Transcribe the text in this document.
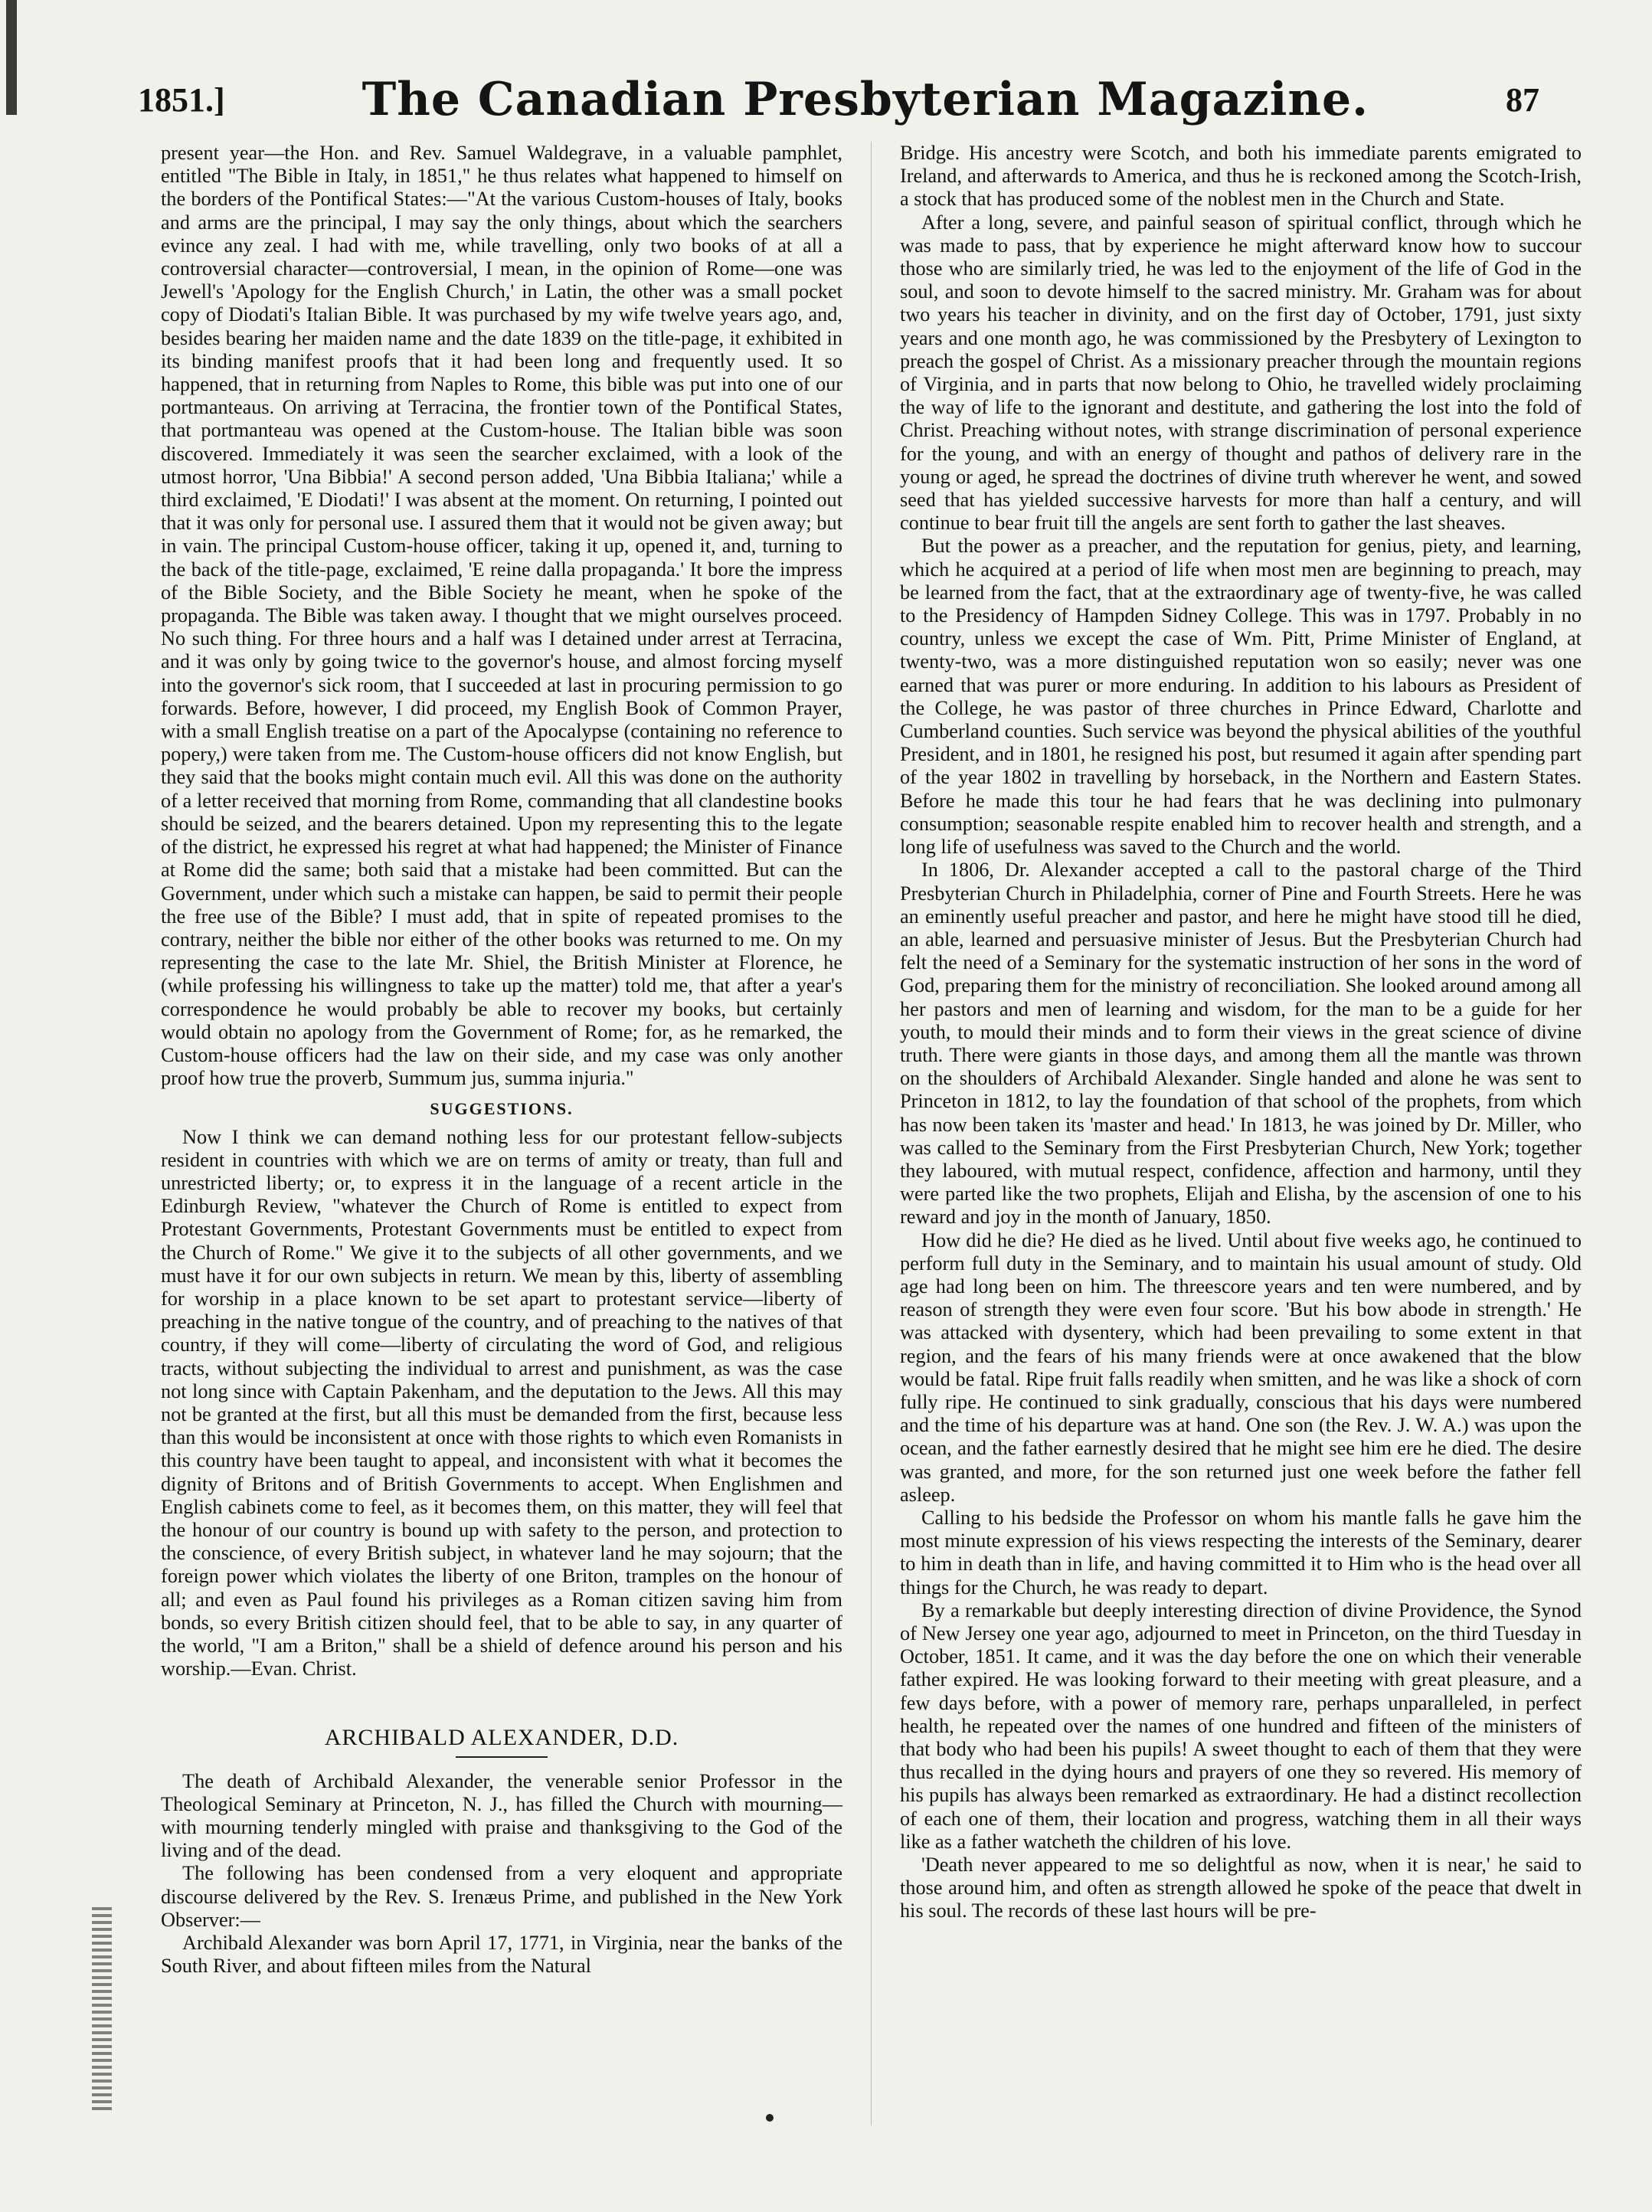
1851.]	The Canadian Presbyterian Magazine.	87

present year—the Hon. and Rev. Samuel Waldegrave, in a valuable pamphlet, entitled "The Bible in Italy, in 1851," he thus relates what happened to himself on the borders of the Pontifical States:—"At the various Custom-houses of Italy, books and arms are the principal, I may say the only things, about which the searchers evince any zeal. I had with me, while travelling, only two books of at all a controversial character—controversial, I mean, in the opinion of Rome—one was Jewell's 'Apology for the English Church,' in Latin, the other was a small pocket copy of Diodati's Italian Bible. It was purchased by my wife twelve years ago, and, besides bearing her maiden name and the date 1839 on the title-page, it exhibited in its binding manifest proofs that it had been long and frequently used. It so happened, that in returning from Naples to Rome, this bible was put into one of our portmanteaus. On arriving at Terracina, the frontier town of the Pontifical States, that portmanteau was opened at the Custom-house. The Italian bible was soon discovered. Immediately it was seen the searcher exclaimed, with a look of the utmost horror, 'Una Bibbia!' A second person added, 'Una Bibbia Italiana;' while a third exclaimed, 'E Diodati!' I was absent at the moment. On returning, I pointed out that it was only for personal use. I assured them that it would not be given away; but in vain. The principal Custom-house officer, taking it up, opened it, and, turning to the back of the title-page, exclaimed, 'E reine dalla propaganda.' It bore the impress of the Bible Society, and the Bible Society he meant, when he spoke of the propaganda. The Bible was taken away. I thought that we might ourselves proceed. No such thing. For three hours and a half was I detained under arrest at Terracina, and it was only by going twice to the governor's house, and almost forcing myself into the governor's sick room, that I succeeded at last in procuring permission to go forwards. Before, however, I did proceed, my English Book of Common Prayer, with a small English treatise on a part of the Apocalypse (containing no reference to popery,) were taken from me. The Custom-house officers did not know English, but they said that the books might contain much evil. All this was done on the authority of a letter received that morning from Rome, commanding that all clandestine books should be seized, and the bearers detained. Upon my representing this to the legate of the district, he expressed his regret at what had happened; the Minister of Finance at Rome did the same; both said that a mistake had been committed. But can the Government, under which such a mistake can happen, be said to permit their people the free use of the Bible? I must add, that in spite of repeated promises to the contrary, neither the bible nor either of the other books was returned to me. On my representing the case to the late Mr. Shiel, the British Minister at Florence, he (while professing his willingness to take up the matter) told me, that after a year's correspondence he would probably be able to recover my books, but certainly would obtain no apology from the Government of Rome; for, as he remarked, the Custom-house officers had the law on their side, and my case was only another proof how true the proverb, Summum jus, summa injuria."

SUGGESTIONS.

Now I think we can demand nothing less for our protestant fellow-subjects resident in countries with which we are on terms of amity or treaty, than full and unrestricted liberty; or, to express it in the language of a recent article in the Edinburgh Review, "whatever the Church of Rome is entitled to expect from Protestant Governments, Protestant Governments must be entitled to expect from the Church of Rome." We give it to the subjects of all other governments, and we must have it for our own subjects in return. We mean by this, liberty of assembling for worship in a place known to be set apart to protestant service—liberty of preaching in the native tongue of the country, and of preaching to the natives of that country, if they will come—liberty of circulating the word of God, and religious tracts, without subjecting the individual to arrest and punishment, as was the case not long since with Captain Pakenham, and the deputation to the Jews. All this may not be granted at the first, but all this must be demanded from the first, because less than this would be inconsistent at once with those rights to which even Romanists in this country have been taught to appeal, and inconsistent with what it becomes the dignity of Britons and of British Governments to accept. When Englishmen and English cabinets come to feel, as it becomes them, on this matter, they will feel that the honour of our country is bound up with safety to the person, and protection to the conscience, of every British subject, in whatever land he may sojourn; that the foreign power which violates the liberty of one Briton, tramples on the honour of all; and even as Paul found his privileges as a Roman citizen saving him from bonds, so every British citizen should feel, that to be able to say, in any quarter of the world, "I am a Briton," shall be a shield of defence around his person and his worship.—Evan. Christ.

ARCHIBALD ALEXANDER, D.D.

The death of Archibald Alexander, the venerable senior Professor in the Theological Seminary at Princeton, N. J., has filled the Church with mourning—with mourning tenderly mingled with praise and thanksgiving to the God of the living and of the dead.

The following has been condensed from a very eloquent and appropriate discourse delivered by the Rev. S. Irenæus Prime, and published in the New York Observer:—

Archibald Alexander was born April 17, 1771, in Virginia, near the banks of the South River, and about fifteen miles from the Natural

Bridge. His ancestry were Scotch, and both his immediate parents emigrated to Ireland, and afterwards to America, and thus he is reckoned among the Scotch-Irish, a stock that has produced some of the noblest men in the Church and State.

After a long, severe, and painful season of spiritual conflict, through which he was made to pass, that by experience he might afterward know how to succour those who are similarly tried, he was led to the enjoyment of the life of God in the soul, and soon to devote himself to the sacred ministry. Mr. Graham was for about two years his teacher in divinity, and on the first day of October, 1791, just sixty years and one month ago, he was commissioned by the Presbytery of Lexington to preach the gospel of Christ. As a missionary preacher through the mountain regions of Virginia, and in parts that now belong to Ohio, he travelled widely proclaiming the way of life to the ignorant and destitute, and gathering the lost into the fold of Christ. Preaching without notes, with strange discrimination of personal experience for the young, and with an energy of thought and pathos of delivery rare in the young or aged, he spread the doctrines of divine truth wherever he went, and sowed seed that has yielded successive harvests for more than half a century, and will continue to bear fruit till the angels are sent forth to gather the last sheaves.

But the power as a preacher, and the reputation for genius, piety, and learning, which he acquired at a period of life when most men are beginning to preach, may be learned from the fact, that at the extraordinary age of twenty-five, he was called to the Presidency of Hampden Sidney College. This was in 1797. Probably in no country, unless we except the case of Wm. Pitt, Prime Minister of England, at twenty-two, was a more distinguished reputation won so easily; never was one earned that was purer or more enduring. In addition to his labours as President of the College, he was pastor of three churches in Prince Edward, Charlotte and Cumberland counties. Such service was beyond the physical abilities of the youthful President, and in 1801, he resigned his post, but resumed it again after spending part of the year 1802 in travelling by horseback, in the Northern and Eastern States. Before he made this tour he had fears that he was declining into pulmonary consumption; seasonable respite enabled him to recover health and strength, and a long life of usefulness was saved to the Church and the world.

In 1806, Dr. Alexander accepted a call to the pastoral charge of the Third Presbyterian Church in Philadelphia, corner of Pine and Fourth Streets. Here he was an eminently useful preacher and pastor, and here he might have stood till he died, an able, learned and persuasive minister of Jesus. But the Presbyterian Church had felt the need of a Seminary for the systematic instruction of her sons in the word of God, preparing them for the ministry of reconciliation. She looked around among all her pastors and men of learning and wisdom, for the man to be a guide for her youth, to mould their minds and to form their views in the great science of divine truth. There were giants in those days, and among them all the mantle was thrown on the shoulders of Archibald Alexander. Single handed and alone he was sent to Princeton in 1812, to lay the foundation of that school of the prophets, from which has now been taken its 'master and head.' In 1813, he was joined by Dr. Miller, who was called to the Seminary from the First Presbyterian Church, New York; together they laboured, with mutual respect, confidence, affection and harmony, until they were parted like the two prophets, Elijah and Elisha, by the ascension of one to his reward and joy in the month of January, 1850.

How did he die? He died as he lived. Until about five weeks ago, he continued to perform full duty in the Seminary, and to maintain his usual amount of study. Old age had long been on him. The threescore years and ten were numbered, and by reason of strength they were even four score. 'But his bow abode in strength.' He was attacked with dysentery, which had been prevailing to some extent in that region, and the fears of his many friends were at once awakened that the blow would be fatal. Ripe fruit falls readily when smitten, and he was like a shock of corn fully ripe. He continued to sink gradually, conscious that his days were numbered and the time of his departure was at hand. One son (the Rev. J. W. A.) was upon the ocean, and the father earnestly desired that he might see him ere he died. The desire was granted, and more, for the son returned just one week before the father fell asleep.

Calling to his bedside the Professor on whom his mantle falls he gave him the most minute expression of his views respecting the interests of the Seminary, dearer to him in death than in life, and having committed it to Him who is the head over all things for the Church, he was ready to depart.

By a remarkable but deeply interesting direction of divine Providence, the Synod of New Jersey one year ago, adjourned to meet in Princeton, on the third Tuesday in October, 1851. It came, and it was the day before the one on which their venerable father expired. He was looking forward to their meeting with great pleasure, and a few days before, with a power of memory rare, perhaps unparalleled, in perfect health, he repeated over the names of one hundred and fifteen of the ministers of that body who had been his pupils! A sweet thought to each of them that they were thus recalled in the dying hours and prayers of one they so revered. His memory of his pupils has always been remarked as extraordinary. He had a distinct recollection of each one of them, their location and progress, watching them in all their ways like as a father watcheth the children of his love.

'Death never appeared to me so delightful as now, when it is near,' he said to those around him, and often as strength allowed he spoke of the peace that dwelt in his soul. The records of these last hours will be pre-
